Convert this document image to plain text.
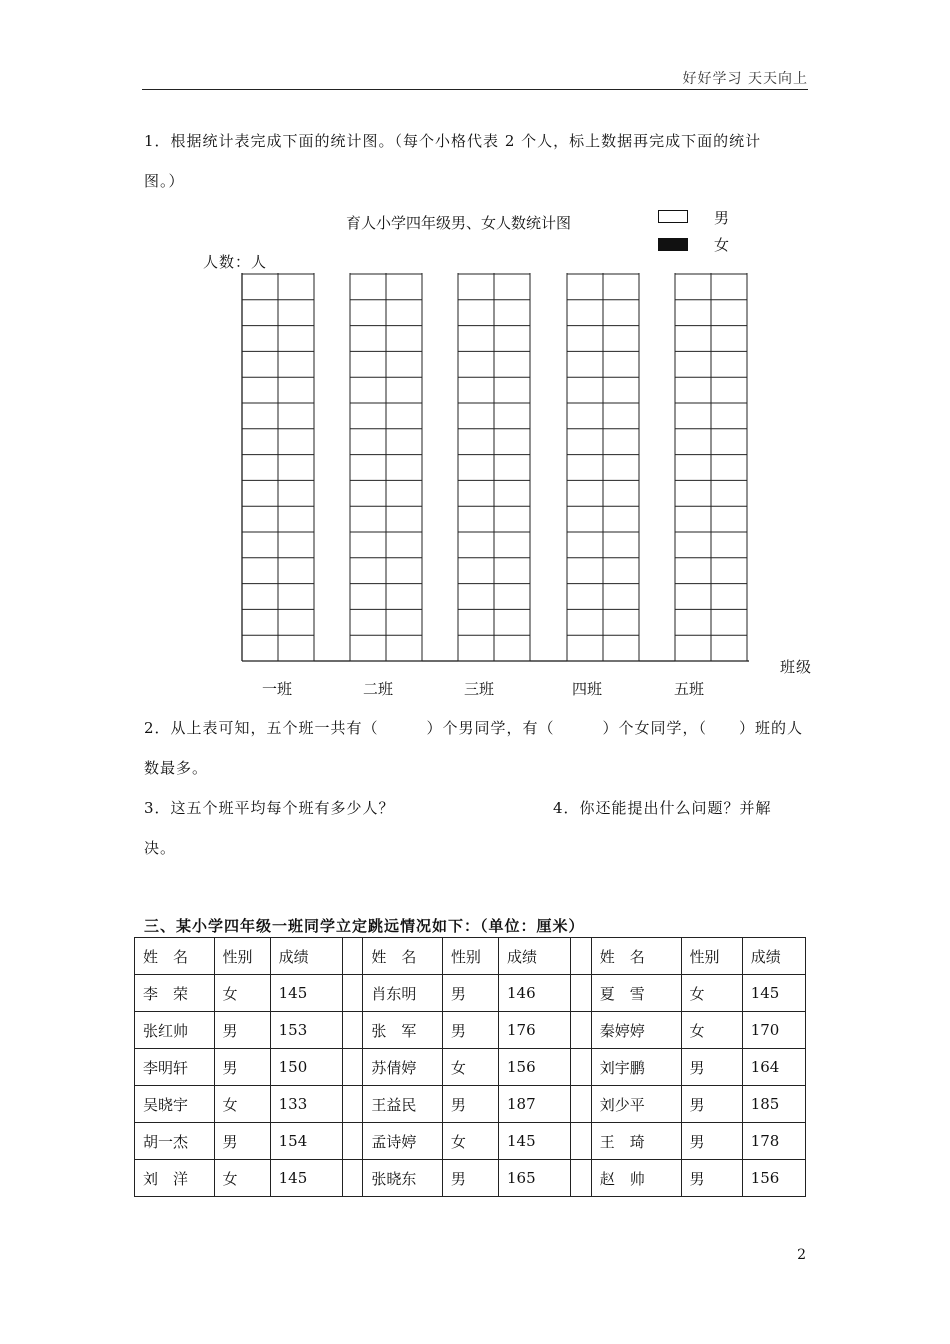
好好学习 天天向上
1．根据统计表完成下面的统计图。（每个小格代表 2 个人，标上数据再完成下面的统计
图。）
育人小学四年级男、女人数统计图	男
女
人数：人
班级
一班	二班	三班	四班	五班
2．从上表可知，五个班一共有（　　　）个男同学，有（　　　）个女同学，（　　）班的人
数最多。
3．这五个班平均每个班有多少人？	4．你还能提出什么问题？并解
决。
三、某小学四年级一班同学立定跳远情况如下：（单位：厘米）
姓　名	性别	成绩		姓　名	性别	成绩		姓　名	性别	成绩
李　荣	女	145		肖东明	男	146		夏　雪	女	145
张红帅	男	153		张　军	男	176		秦婷婷	女	170
李明轩	男	150		苏倩婷	女	156		刘宇鹏	男	164
吴晓宇	女	133		王益民	男	187		刘少平	男	185
胡一杰	男	154		孟诗婷	女	145		王　琦	男	178
刘　洋	女	145		张晓东	男	165		赵　帅	男	156
2
